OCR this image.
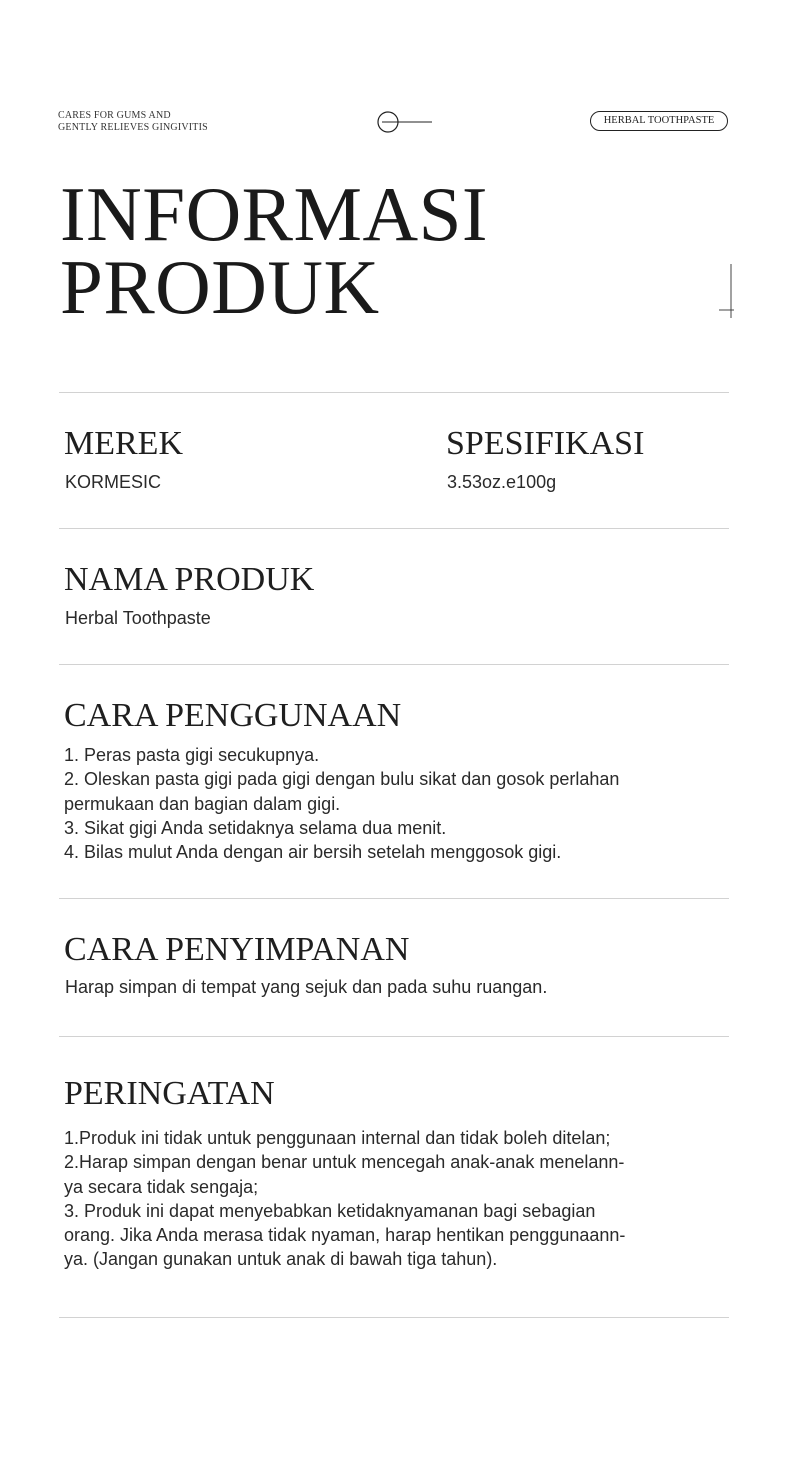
CARES FOR GUMS AND
GENTLY RELIEVES GINGIVITIS
HERBAL TOOTHPASTE
INFORMASI
PRODUK
MEREK

KORMESIC

SPESIFIKASI

3.53oz.e100g

NAMA PRODUK

Herbal Toothpaste

CARA PENGGUNAAN
1. Peras pasta gigi secukupnya.
2. Oleskan pasta gigi pada gigi dengan bulu sikat dan gosok perlahan
permukaan dan bagian dalam gigi.
3. Sikat gigi Anda setidaknya selama dua menit.
4. Bilas mulut Anda dengan air bersih setelah menggosok gigi.
CARA PENYIMPANAN

Harap simpan di tempat yang sejuk dan pada suhu ruangan.

PERINGATAN
1.Produk ini tidak untuk penggunaan internal dan tidak boleh ditelan;
2.Harap simpan dengan benar untuk mencegah anak-anak menelann-
ya secara tidak sengaja;
3. Produk ini dapat menyebabkan ketidaknyamanan bagi sebagian
orang. Jika Anda merasa tidak nyaman, harap hentikan penggunaann-
ya. (Jangan gunakan untuk anak di bawah tiga tahun).
